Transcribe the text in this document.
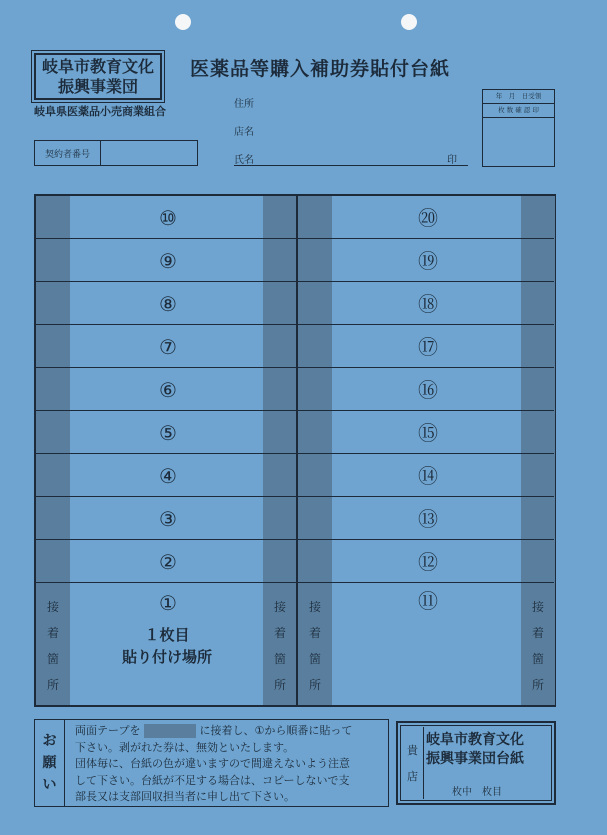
岐阜市教育文化
振興事業団
岐阜県医薬品小売商業組合
医薬品等購入補助券貼付台紙
住所
店名
氏名	印
契約者番号
年　月　日受領
枚 数 確 認 印
⑩
⑨
⑧
⑦
⑥
⑤
④
③
②
①
⑳
⑲
⑱
⑰
⑯
⑮
⑭
⑬
⑫
⑪
接
着
箇
所
接
着
箇
所
接
着
箇
所
接
着
箇
所
１枚目
貼り付け場所
お
願
い
両面テープを	に接着し、①から順番に貼って
下さい。剥がれた券は、無効といたします。
団体毎に、台紙の色が違いますので間違えないよう注意
して下さい。台紙が不足する場合は、コピーしないで支
部長又は支部回収担当者に申し出て下さい。
貴
店
岐阜市教育文化
振興事業団台紙
枚中　枚目
